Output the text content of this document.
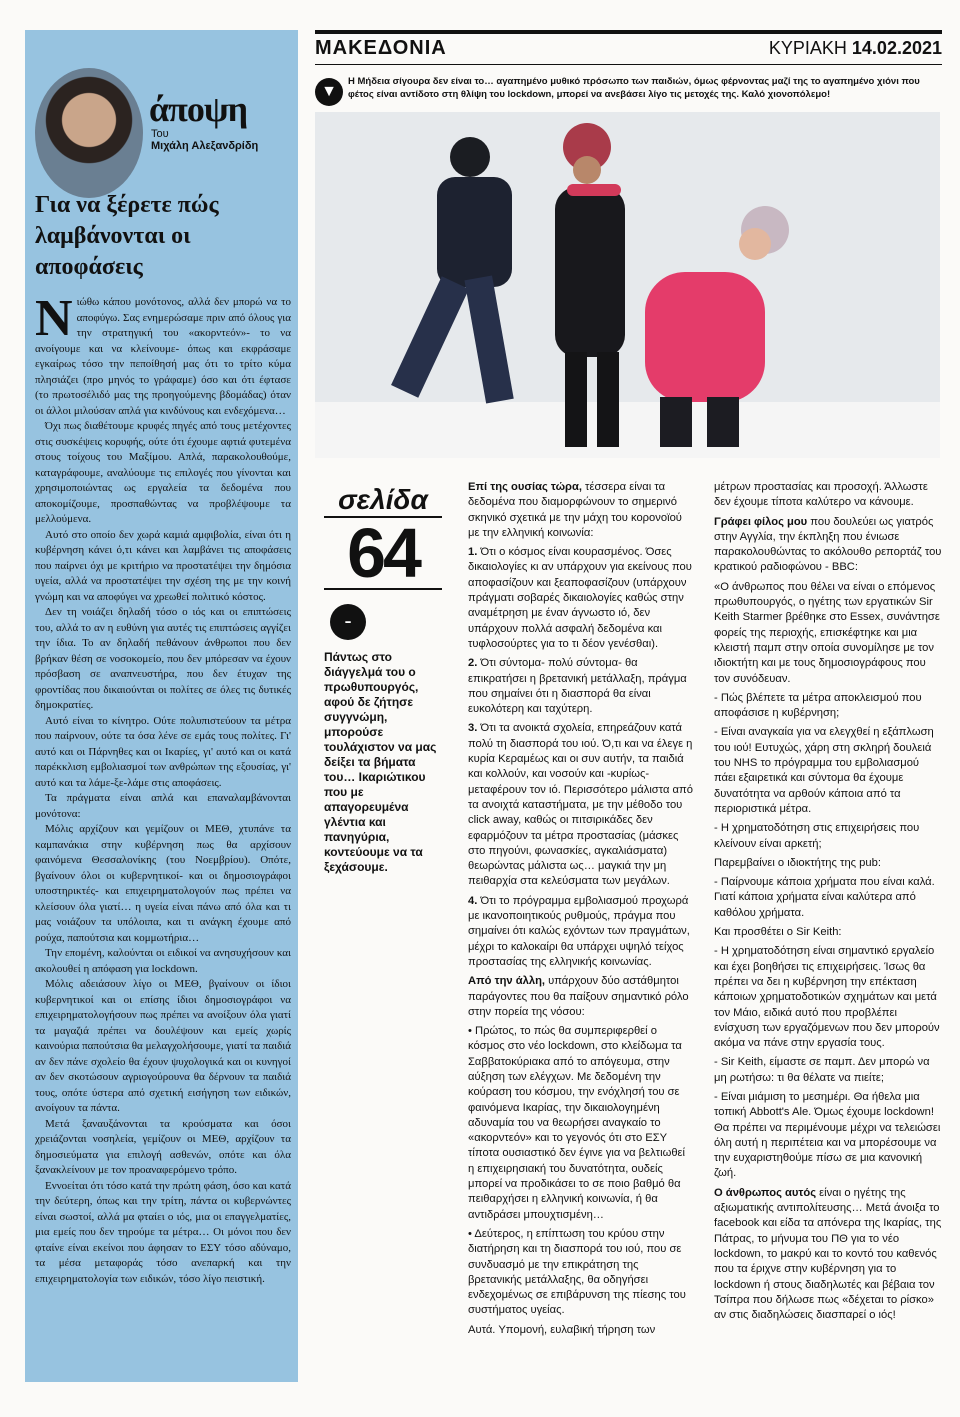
άποψη
Του
Μιχάλη Αλεξανδρίδη
Για να ξέρετε πώς λαμβάνονται οι αποφάσεις

Νιώθω κάπου μονότονος, αλλά δεν μπορώ να το αποφύγω. Σας ενημερώσαμε πριν από όλους για την στρατηγική του «ακορντεόν»- το να ανοίγουμε και να κλείνουμε- όπως και εκφράσαμε εγκαίρως τόσο την πεποίθησή μας ότι το τρίτο κύμα πλησιάζει (προ μηνός το γράφαμε) όσο και ότι έφτασε (το πρωτοσέλιδό μας της προηγούμενης βδομάδας) όταν οι άλλοι μιλούσαν απλά για κινδύνους και ενδεχόμενα…

Όχι πως διαθέτουμε κρυφές πηγές από τους μετέχοντες στις συσκέψεις κορυφής, ούτε ότι έχουμε αφτιά φυτεμένα στους τοίχους του Μαξίμου. Απλά, παρακολουθούμε, καταγράφουμε, αναλύουμε τις επιλογές που γίνονται και χρησιμοποιώντας ως εργαλεία τα δεδομένα που αποκομίζουμε, προσπαθώντας να προβλέψουμε τα μελλούμενα.

Αυτό στο οποίο δεν χωρά καμιά αμφιβολία, είναι ότι η κυβέρνηση κάνει ό,τι κάνει και λαμβάνει τις αποφάσεις που παίρνει όχι με κριτήριο να προστατέψει την δημόσια υγεία, αλλά να προστατέψει την σχέση της με την κοινή γνώμη και να αποφύγει να χρεωθεί πολιτικό κόστος.

Δεν τη νοιάζει δηλαδή τόσο ο ιός και οι επιπτώσεις του, αλλά το αν η ευθύνη για αυτές τις επιπτώσεις αγγίζει την ίδια. Το αν δηλαδή πεθάνουν άνθρωποι που δεν βρήκαν θέση σε νοσοκομείο, που δεν μπόρεσαν να έχουν πρόσβαση σε αναπνευστήρα, που δεν έτυχαν της φροντίδας που δικαιούνται οι πολίτες σε όλες τις δυτικές δημοκρατίες.

Αυτό είναι το κίνητρο. Ούτε πολυπιστεύουν τα μέτρα που παίρνουν, ούτε τα όσα λένε σε εμάς τους πολίτες. Γι' αυτό και οι Πάρνηθες και οι Ικαρίες, γι' αυτό και οι κατά παρέκκλιση εμβολιασμοί των ανθρώπων της εξουσίας, γι' αυτό και τα λάμε-ξε-λάμε στις αποφάσεις.

Τα πράγματα είναι απλά και επαναλαμβάνονται μονότονα:

Μόλις αρχίζουν και γεμίζουν οι ΜΕΘ, χτυπάνε τα καμπανάκια στην κυβέρνηση πως θα αρχίσουν φαινόμενα Θεσσαλονίκης (του Νοεμβρίου). Οπότε, βγαίνουν όλοι οι κυβερνητικοί- και οι δημοσιογράφοι υποστηρικτές- και επιχειρηματολογούν πως πρέπει να κλείσουν όλα γιατί… η υγεία είναι πάνω από όλα και τι μας νοιάζουν τα υπόλοιπα, και τι ανάγκη έχουμε από ρούχα, παπούτσια και κομμωτήρια…

Την επομένη, καλούνται οι ειδικοί να ανησυχήσουν και ακολουθεί η απόφαση για lockdown.

Μόλις αδειάσουν λίγο οι ΜΕΘ, βγαίνουν οι ίδιοι κυβερνητικοί και οι επίσης ίδιοι δημοσιογράφοι να επιχειρηματολογήσουν πως πρέπει να ανοίξουν όλα γιατί τα μαγαζιά πρέπει να δουλέψουν και εμείς χωρίς καινούρια παπούτσια θα μελαγχολήσουμε, γιατί τα παιδιά αν δεν πάνε σχολείο θα έχουν ψυχολογικά και οι κυνηγοί αν δεν σκοτώσουν αγριογούρουνα θα δέρνουν τα παιδιά τους, οπότε ύστερα από σχετική εισήγηση των ειδικών, ανοίγουν τα πάντα.

Μετά ξαναυξάνονται τα κρούσματα και όσοι χρειάζονται νοσηλεία, γεμίζουν οι ΜΕΘ, αρχίζουν τα δημοσιεύματα για επιλογή ασθενών, οπότε και όλα ξανακλείνουν με τον προαναφερόμενο τρόπο.

Εννοείται ότι τόσο κατά την πρώτη φάση, όσο και κατά την δεύτερη, όπως και την τρίτη, πάντα οι κυβερνώντες είναι σωστοί, αλλά μα φταίει ο ιός, μια οι επαγγελματίες, μια εμείς που δεν τηρούμε τα μέτρα… Οι μόνοι που δεν φταίνε είναι εκείνοι που άφησαν το ΕΣΥ τόσο αδύναμο, τα μέσα μεταφοράς τόσο ανεπαρκή και την επιχειρηματολογία των ειδικών, τόσο λίγο πειστική.

ΜΑΚΕΔΟΝΙΑ	ΚΥΡΙΑΚΗ 14.02.2021
▼
Η Μήδεια σίγουρα δεν είναι το… αγαπημένο μυθικό πρόσωπο των παιδιών, όμως φέρνοντας μαζί της το αγαπημένο χιόνι που φέτος είναι αντίδοτο στη θλίψη του lockdown, μπορεί να ανεβάσει λίγο τις μετοχές της. Καλό χιονοπόλεμο!
σελίδα
64
-
Πάντως στο διάγγελμά του ο πρωθυπουργός, αφού δε ζήτησε συγγνώμη, μπορούσε τουλάχιστον να μας δείξει τα βήματα του… Ικαριώτικου που με απαγορευμένα γλέντια και πανηγύρια, κοντεύουμε να τα ξεχάσουμε.

Επί της ουσίας τώρα, τέσσερα είναι τα δεδομένα που διαμορφώνουν το σημερινό σκηνικό σχετικά με την μάχη του κορονοϊού με την ελληνική κοινωνία:

1. Ότι ο κόσμος είναι κουρασμένος. Όσες δικαιολογίες κι αν υπάρχουν για εκείνους που αποφασίζουν και ξεαποφασίζουν (υπάρχουν πράγματι σοβαρές δικαιολογίες καθώς στην αναμέτρηση με έναν άγνωστο ιό, δεν υπάρχουν πολλά ασφαλή δεδομένα και τυφλοσούρτες για το τι δέον γενέσθαι).

2. Ότι σύντομα- πολύ σύντομα- θα επικρατήσει η βρετανική μετάλλαξη, πράγμα που σημαίνει ότι η διασπορά θα είναι ευκολότερη και ταχύτερη.

3. Ότι τα ανοικτά σχολεία, επηρεάζουν κατά πολύ τη διασπορά του ιού. Ό,τι και να έλεγε η κυρία Κεραμέως και οι συν αυτήν, τα παιδιά και κολλούν, και νοσούν και -κυρίως- μεταφέρουν τον ιό. Περισσότερο μάλιστα από τα ανοιχτά καταστήματα, με την μέθοδο του click away, καθώς οι πιτσιρικάδες δεν εφαρμόζουν τα μέτρα προστασίας (μάσκες στο πηγούνι, φωνασκίες, αγκαλιάσματα) θεωρώντας μάλιστα ως… μαγκιά την μη πειθαρχία στα κελεύσματα των μεγάλων.

4. Ότι το πρόγραμμα εμβολιασμού προχωρά με ικανοποιητικούς ρυθμούς, πράγμα που σημαίνει ότι καλώς εχόντων των πραγμάτων, μέχρι το καλοκαίρι θα υπάρχει υψηλό τείχος προστασίας της ελληνικής κοινωνίας.

Από την άλλη, υπάρχουν δύο αστάθμητοι παράγοντες που θα παίξουν σημαντικό ρόλο στην πορεία της νόσου:

• Πρώτος, το πώς θα συμπεριφερθεί ο κόσμος στο νέο lockdown, στο κλείδωμα τα Σαββατοκύριακα από το απόγευμα, στην αύξηση των ελέγχων. Με δεδομένη την κούραση του κόσμου, την ενόχλησή του σε φαινόμενα Ικαρίας, την δικαιολογημένη αδυναμία του να θεωρήσει αναγκαίο το «ακορντεόν» και το γεγονός ότι στο ΕΣΥ τίποτα ουσιαστικό δεν έγινε για να βελτιωθεί η επιχειρησιακή του δυνατότητα, ουδείς μπορεί να προδικάσει το σε ποιο βαθμό θα πειθαρχήσει η ελληνική κοινωνία, ή θα αντιδράσει μπουχτισμένη…

• Δεύτερος, η επίπτωση του κρύου στην διατήρηση και τη διασπορά του ιού, που σε συνδυασμό με την επικράτηση της βρετανικής μετάλλαξης, θα οδηγήσει ενδεχομένως σε επιβάρυνση της πίεσης του συστήματος υγείας.

Αυτά. Υπομονή, ευλαβική τήρηση των

μέτρων προστασίας και προσοχή. Άλλωστε δεν έχουμε τίποτα καλύτερο να κάνουμε.

Γράφει φίλος μου που δουλεύει ως γιατρός στην Αγγλία, την έκπληξη που ένιωσε παρακολουθώντας το ακόλουθο ρεπορτάζ του κρατικού ραδιοφώνου - BBC:

«Ο άνθρωπος που θέλει να είναι ο επόμενος πρωθυπουργός, ο ηγέτης των εργατικών Sir Keith Starmer βρέθηκε στο Essex, συνάντησε φορείς της περιοχής, επισκέφτηκε και μια κλειστή παμπ στην οποία συνομίλησε με τον ιδιοκτήτη και με τους δημοσιογράφους που τον συνόδευαν.

- Πώς βλέπετε τα μέτρα αποκλεισμού που αποφάσισε η κυβέρνηση;

- Είναι αναγκαία για να ελεγχθεί η εξάπλωση του ιού! Ευτυχώς, χάρη στη σκληρή δουλειά του NHS το πρόγραμμα του εμβολιασμού πάει εξαιρετικά και σύντομα θα έχουμε δυνατότητα να αρθούν κάποια από τα περιοριστικά μέτρα.

- Η χρηματοδότηση στις επιχειρήσεις που κλείνουν είναι αρκετή;

Παρεμβαίνει ο ιδιοκτήτης της pub:

- Παίρνουμε κάποια χρήματα που είναι καλά. Γιατί κάποια χρήματα είναι καλύτερα από καθόλου χρήματα.

Και προσθέτει ο Sir Keith:

- Η χρηματοδότηση είναι σημαντικό εργαλείο και έχει βοηθήσει τις επιχειρήσεις. Ίσως θα πρέπει να δει η κυβέρνηση την επέκταση κάποιων χρηματοδοτικών σχημάτων και μετά τον Μάιο, ειδικά αυτό που προβλέπει ενίσχυση των εργαζόμενων που δεν μπορούν ακόμα να πάνε στην εργασία τους.

- Sir Keith, είμαστε σε παμπ. Δεν μπορώ να μη ρωτήσω: τι θα θέλατε να πιείτε;

- Είναι μιάμιση το μεσημέρι. Θα ήθελα μια τοπική Abbott's Ale. Όμως έχουμε lockdown! Θα πρέπει να περιμένουμε μέχρι να τελειώσει όλη αυτή η περιπέτεια και να μπορέσουμε να την ευχαριστηθούμε πίσω σε μια κανονική ζωή.

Ο άνθρωπος αυτός είναι ο ηγέτης της αξιωματικής αντιπολίτευσης… Μετά άνοιξα το facebook και είδα τα απόνερα της Ικαρίας, της Πάτρας, το μήνυμα του ΠΘ για το νέο lockdown, το μακρύ και το κοντό του καθενός που τα έριχνε στην κυβέρνηση για το lockdown ή στους διαδηλωτές και βέβαια τον Τσίπρα που δήλωσε πως «δέχεται το ρίσκο» αν στις διαδηλώσεις διασπαρεί ο ιός!
